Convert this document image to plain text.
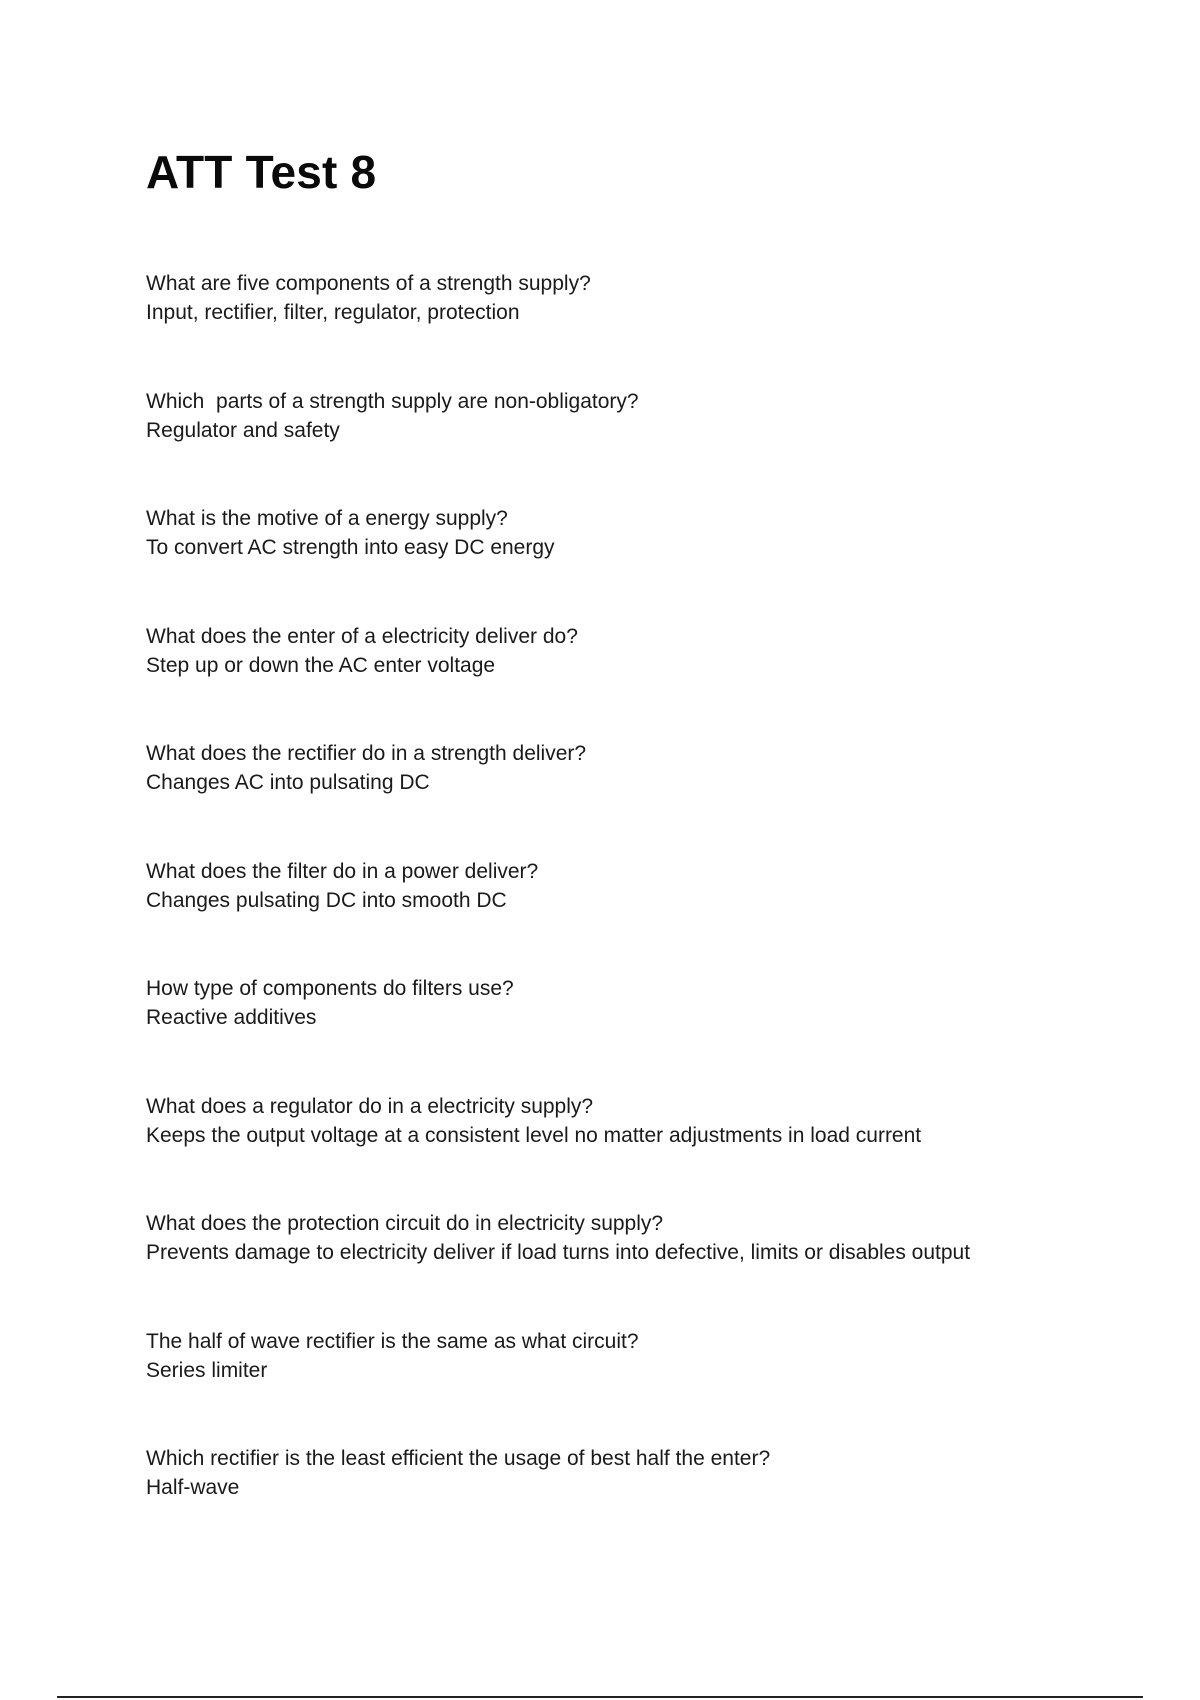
ATT Test 8
What are five components of a strength supply?
Input, rectifier, filter, regulator, protection
Which  parts of a strength supply are non-obligatory?
Regulator and safety
What is the motive of a energy supply?
To convert AC strength into easy DC energy
What does the enter of a electricity deliver do?
Step up or down the AC enter voltage
What does the rectifier do in a strength deliver?
Changes AC into pulsating DC
What does the filter do in a power deliver?
Changes pulsating DC into smooth DC
How type of components do filters use?
Reactive additives
What does a regulator do in a electricity supply?
Keeps the output voltage at a consistent level no matter adjustments in load current
What does the protection circuit do in electricity supply?
Prevents damage to electricity deliver if load turns into defective, limits or disables output
The half of wave rectifier is the same as what circuit?
Series limiter
Which rectifier is the least efficient the usage of best half the enter?
Half-wave
